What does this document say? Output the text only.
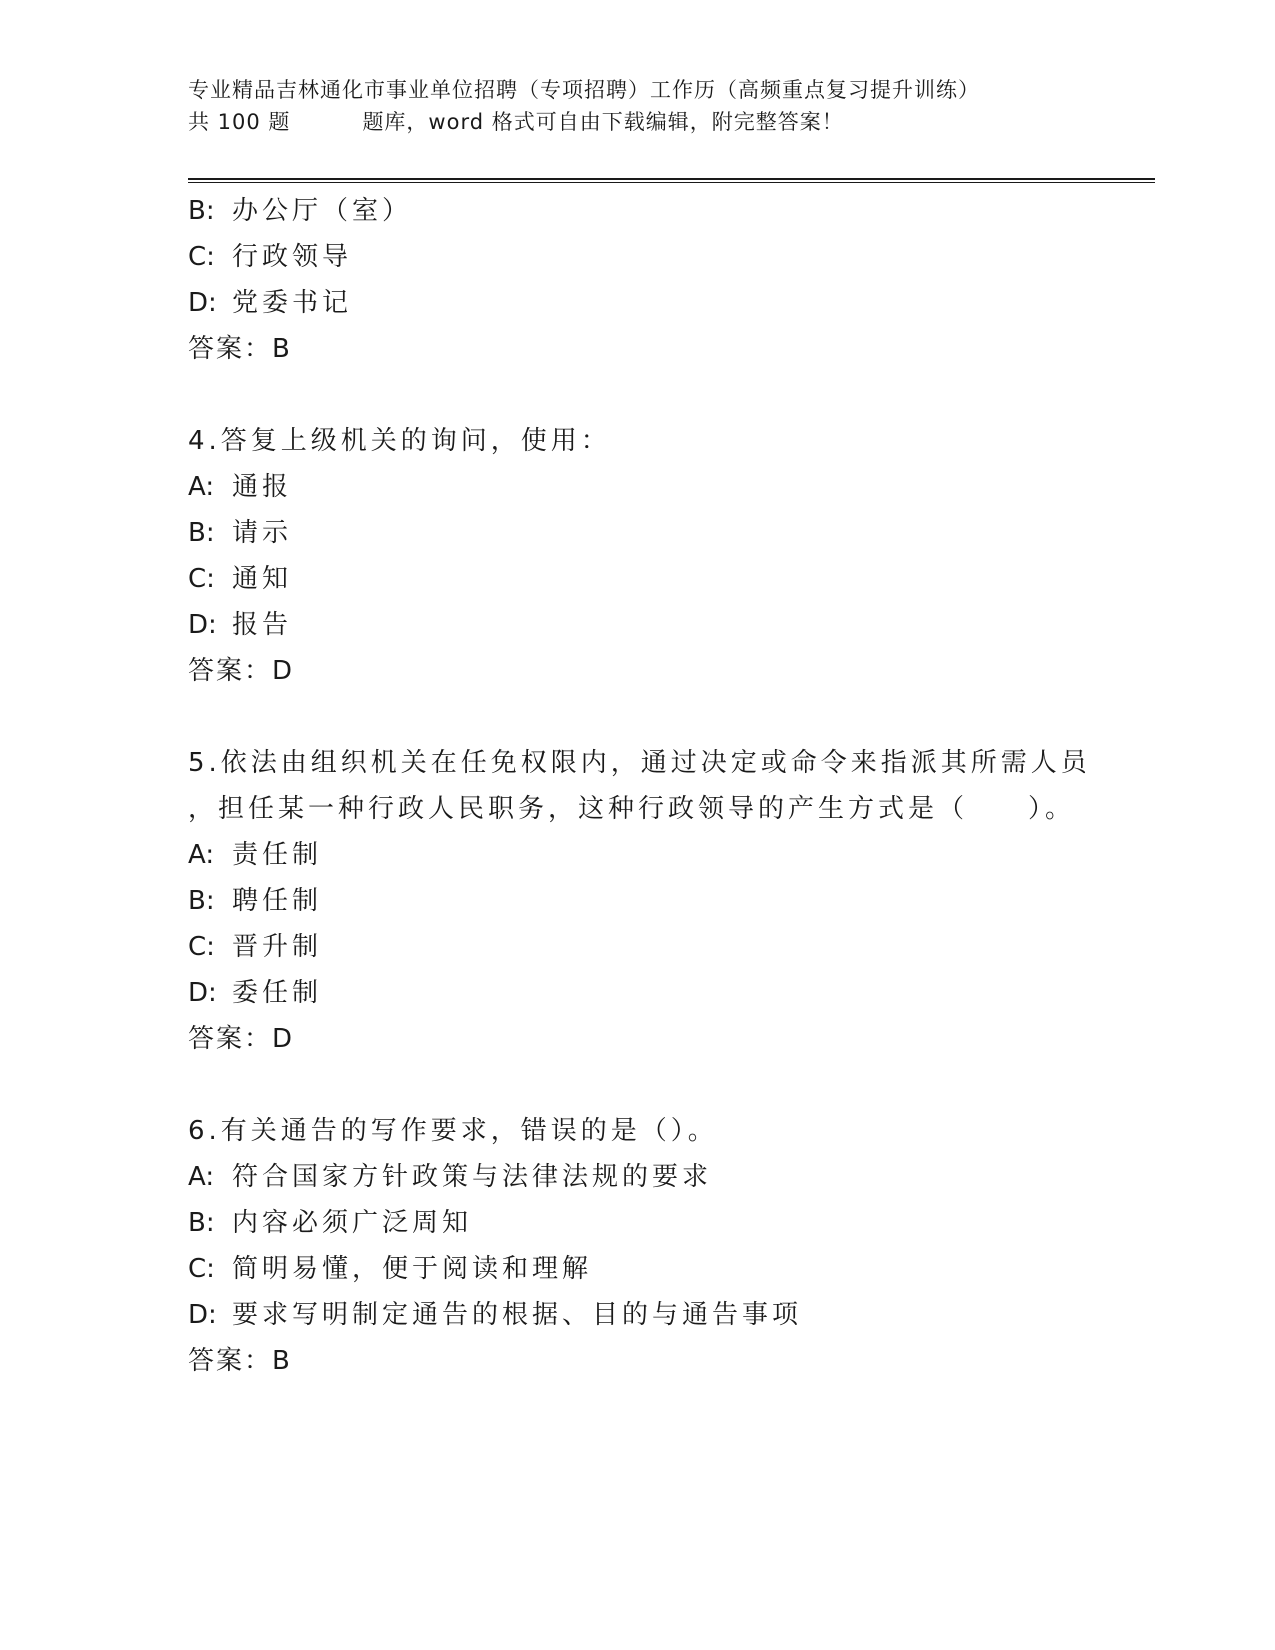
专业精品吉林通化市事业单位招聘（专项招聘）工作历（高频重点复习提升训练）
共 100 题	题库，word 格式可自由下载编辑，附完整答案！
B: 办公厅（室）
C: 行政领导
D: 党委书记
答案：B
4.答复上级机关的询问，使用：
A: 通报
B: 请示
C: 通知
D: 报告
答案：D
5.依法由组织机关在任免权限内，通过决定或命令来指派其所需人员
，担任某一种行政人民职务，这种行政领导的产生方式是（　　）。
A: 责任制
B: 聘任制
C: 晋升制
D: 委任制
答案：D
6.有关通告的写作要求，错误的是（）。
A: 符合国家方针政策与法律法规的要求
B: 内容必须广泛周知
C: 简明易懂，便于阅读和理解
D: 要求写明制定通告的根据、目的与通告事项
答案：B
